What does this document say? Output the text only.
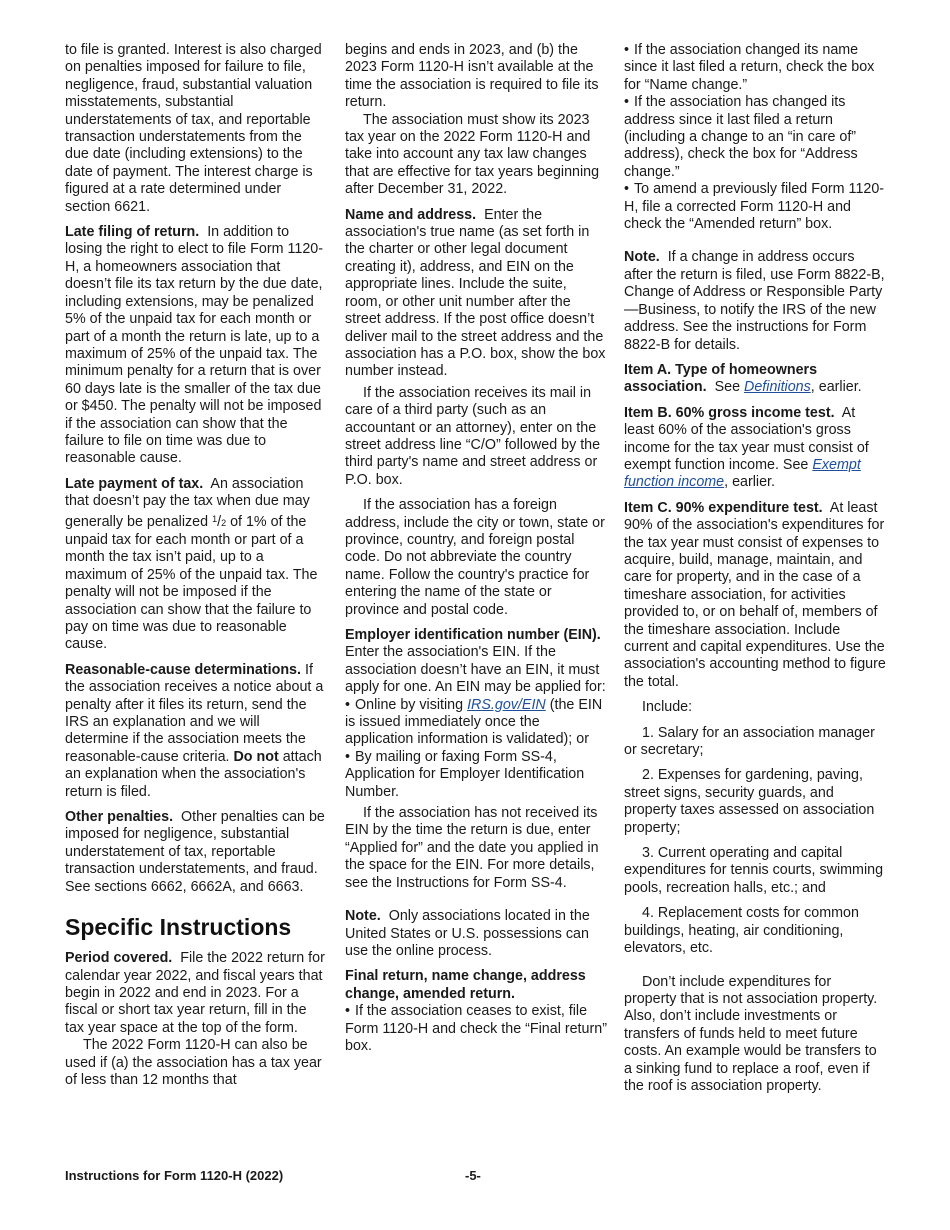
to file is granted. Interest is also charged on penalties imposed for failure to file, negligence, fraud, substantial valuation misstatements, substantial understatements of tax, and reportable transaction understatements from the due date (including extensions) to the date of payment. The interest charge is figured at a rate determined under section 6621.

Late filing of return. In addition to losing the right to elect to file Form 1120-H, a homeowners association that doesn’t file its tax return by the due date, including extensions, may be penalized 5% of the unpaid tax for each month or part of a month the return is late, up to a maximum of 25% of the unpaid tax. The minimum penalty for a return that is over 60 days late is the smaller of the tax due or $450. The penalty will not be imposed if the association can show that the failure to file on time was due to reasonable cause.

Late payment of tax. An association that doesn’t pay the tax when due may generally be penalized $^1$/2 of 1% of the unpaid tax for each month or part of a month the tax isn’t paid, up to a maximum of 25% of the unpaid tax. The penalty will not be imposed if the association can show that the failure to pay on time was due to reasonable cause.

Reasonable-cause determinations. If the association receives a notice about a penalty after it files its return, send the IRS an explanation and we will determine if the association meets the reasonable-cause criteria. Do not attach an explanation when the association's return is filed.

Other penalties. Other penalties can be imposed for negligence, substantial understatement of tax, reportable transaction understatements, and fraud. See sections 6662, 6662A, and 6663.

Specific Instructions

Period covered. File the 2022 return for calendar year 2022, and fiscal years that begin in 2022 and end in 2023. For a fiscal or short tax year return, fill in the tax year space at the top of the form.

The 2022 Form 1120-H can also be used if (a) the association has a tax year of less than 12 months that

begins and ends in 2023, and (b) the 2023 Form 1120-H isn’t available at the time the association is required to file its return.

The association must show its 2023 tax year on the 2022 Form 1120-H and take into account any tax law changes that are effective for tax years beginning after December 31, 2022.

Name and address. Enter the association's true name (as set forth in the charter or other legal document creating it), address, and EIN on the appropriate lines. Include the suite, room, or other unit number after the street address. If the post office doesn’t deliver mail to the street address and the association has a P.O. box, show the box number instead.

If the association receives its mail in care of a third party (such as an accountant or an attorney), enter on the street address line “C/O” followed by the third party's name and street address or P.O. box.

If the association has a foreign address, include the city or town, state or province, country, and foreign postal code. Do not abbreviate the country name. Follow the country's practice for entering the name of the state or province and postal code.

Employer identification number (EIN).  Enter the association's EIN. If the association doesn’t have an EIN, it must apply for one. An EIN may be applied for:

• Online by visiting IRS.gov/EIN (the EIN is issued immediately once the application information is validated); or

• By mailing or faxing Form SS-4, Application for Employer Identification Number.

If the association has not received its EIN by the time the return is due, enter “Applied for” and the date you applied in the space for the EIN. For more details, see the Instructions for Form SS-4.

Note. Only associations located in the United States or U.S. possessions can use the online process.

Final return, name change, address change, amended return.

• If the association ceases to exist, file Form 1120-H and check the “Final return” box.

• If the association changed its name since it last filed a return, check the box for “Name change.”

• If the association has changed its address since it last filed a return (including a change to an “in care of” address), check the box for “Address change.”

• To amend a previously filed Form 1120-H, file a corrected Form 1120-H and check the “Amended return” box.

Note. If a change in address occurs after the return is filed, use Form 8822-B, Change of Address or Responsible Party—Business, to notify the IRS of the new address. See the instructions for Form 8822-B for details.

Item A. Type of homeowners association. See Definitions, earlier.

Item B. 60% gross income test. At least 60% of the association's gross income for the tax year must consist of exempt function income. See Exempt function income, earlier.

Item C. 90% expenditure test. At least 90% of the association's expenditures for the tax year must consist of expenses to acquire, build, manage, maintain, and care for property, and in the case of a timeshare association, for activities provided to, or on behalf of, members of the timeshare association. Include current and capital expenditures. Use the association's accounting method to figure the total.

Include:

1. Salary for an association manager or secretary;

2. Expenses for gardening, paving, street signs, security guards, and property taxes assessed on association property;

3. Current operating and capital expenditures for tennis courts, swimming pools, recreation halls, etc.; and

4. Replacement costs for common buildings, heating, air conditioning, elevators, etc.

Don’t include expenditures for property that is not association property. Also, don’t include investments or transfers of funds held to meet future costs. An example would be transfers to a sinking fund to replace a roof, even if the roof is association property.

Instructions for Form 1120-H (2022)	-5-
